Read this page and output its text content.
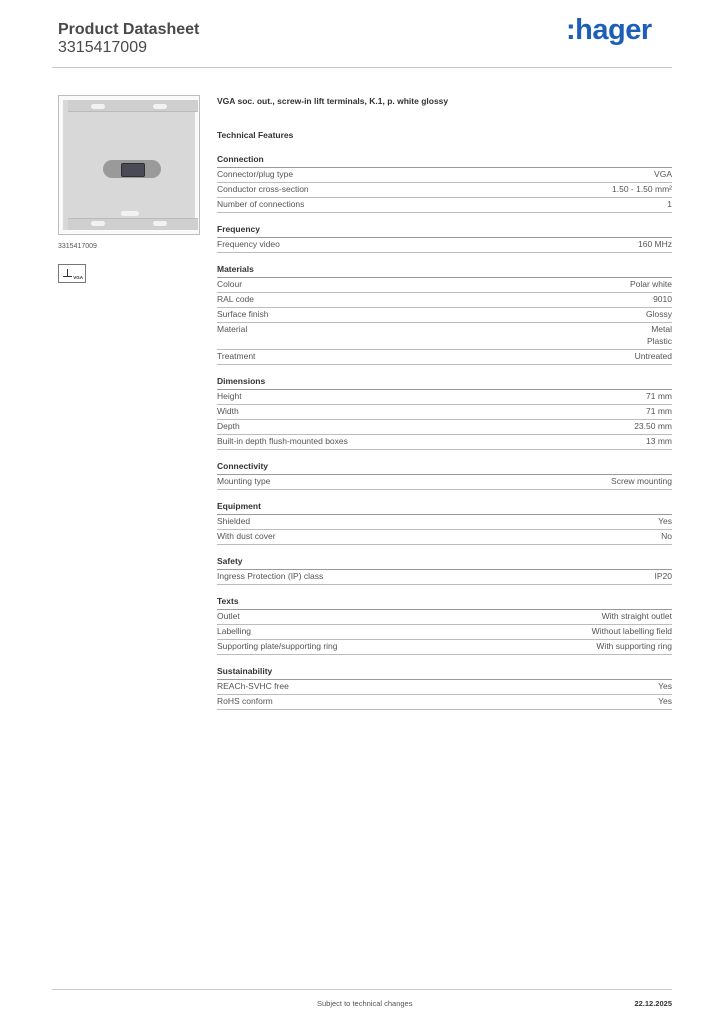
Product Datasheet
3315417009
:hager
3315417009
VGA
VGA soc. out., screw-in lift terminals, K.1, p. white glossy
Technical Features
Connection
Connector/plug type	VGA
Conductor cross-section	1.50 - 1.50 mm²
Number of connections	1
Frequency
Frequency video	160 MHz
Materials
Colour	Polar white
RAL code	9010
Surface finish	Glossy
Material	Metal
Plastic
Treatment	Untreated
Dimensions
Height	71 mm
Width	71 mm
Depth	23.50 mm
Built-in depth flush-mounted boxes	13 mm
Connectivity
Mounting type	Screw mounting
Equipment
Shielded	Yes
With dust cover	No
Safety
Ingress Protection (IP) class	IP20
Texts
Outlet	With straight outlet
Labelling	Without labelling field
Supporting plate/supporting ring	With supporting ring
Sustainability
REACh-SVHC free	Yes
RoHS conform	Yes
Subject to technical changes	22.12.2025
